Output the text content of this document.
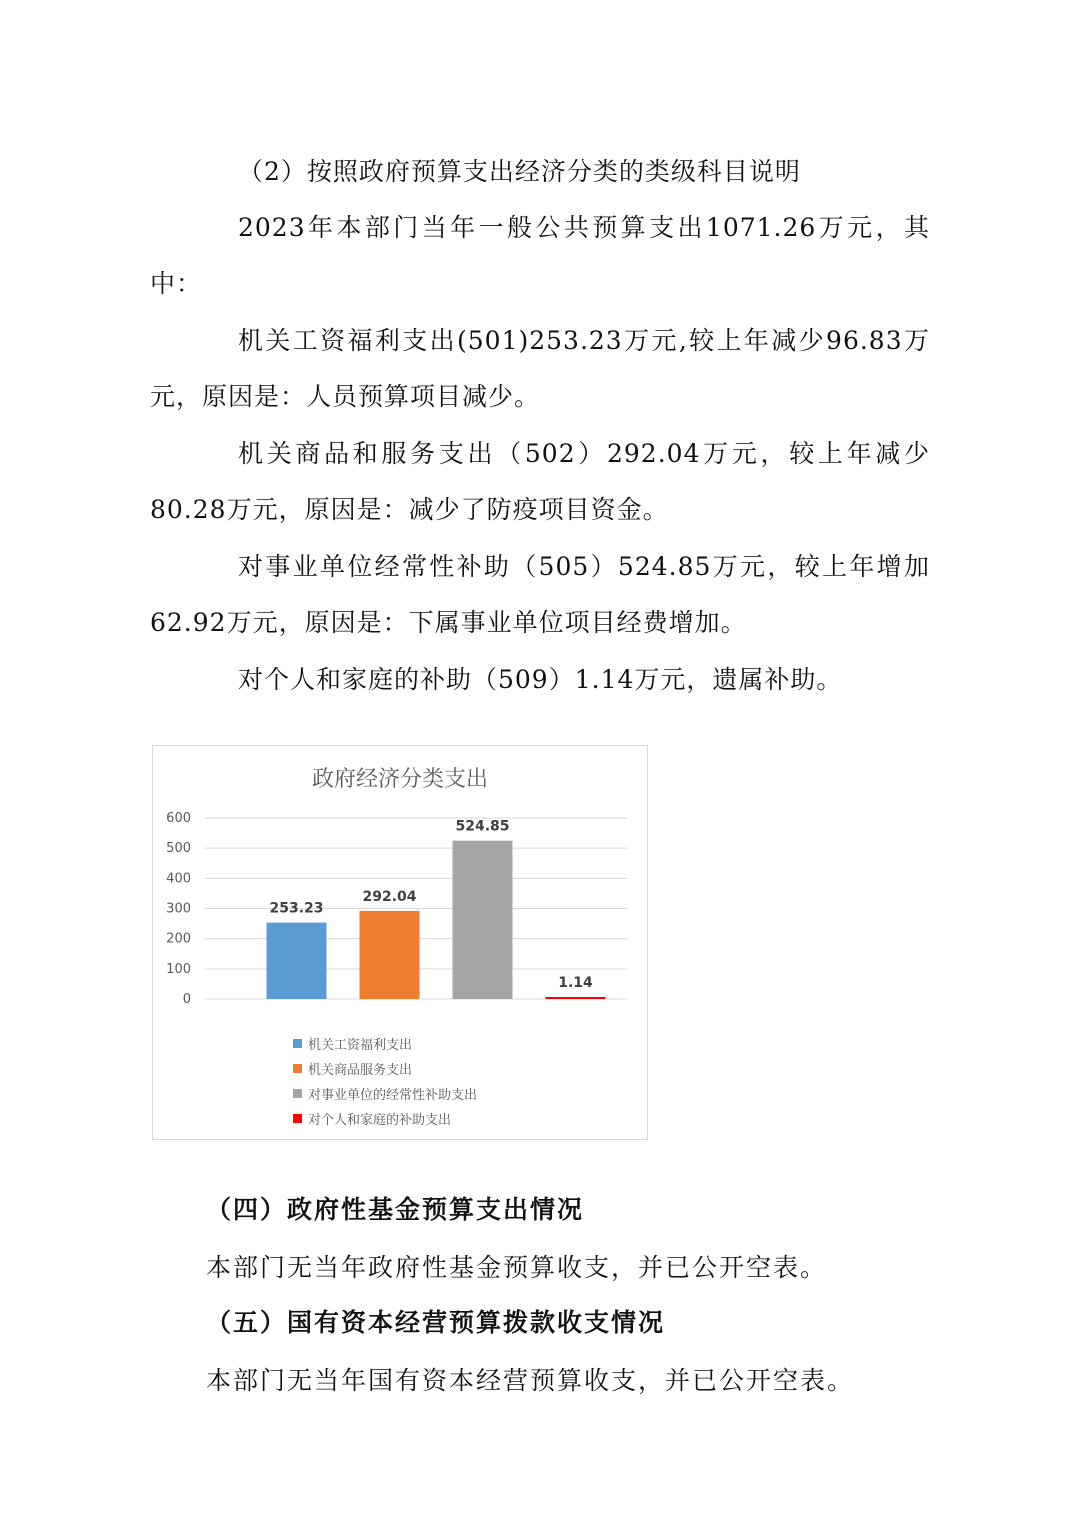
（2）按照政府预算支出经济分类的类级科目说明

2023年本部门当年一般公共预算支出1071.26万元，其中：

机关工资福利支出(501)253.23万元,较上年减少96.83万元，原因是：人员预算项目减少。

机关商品和服务支出（502）292.04万元，较上年减少80.28万元，原因是：减少了防疫项目资金。

对事业单位经常性补助（505）524.85万元，较上年增加62.92万元，原因是：下属事业单位项目经费增加。

对个人和家庭的补助（509）1.14万元，遗属补助。

政府经济分类支出
0
100
200
300
400
500
600
253.23
292.04
524.85
1.14
机关工资福利支出
机关商品服务支出
对事业单位的经常性补助支出
对个人和家庭的补助支出

（四）政府性基金预算支出情况

本部门无当年政府性基金预算收支，并已公开空表。

（五）国有资本经营预算拨款收支情况

本部门无当年国有资本经营预算收支，并已公开空表。
